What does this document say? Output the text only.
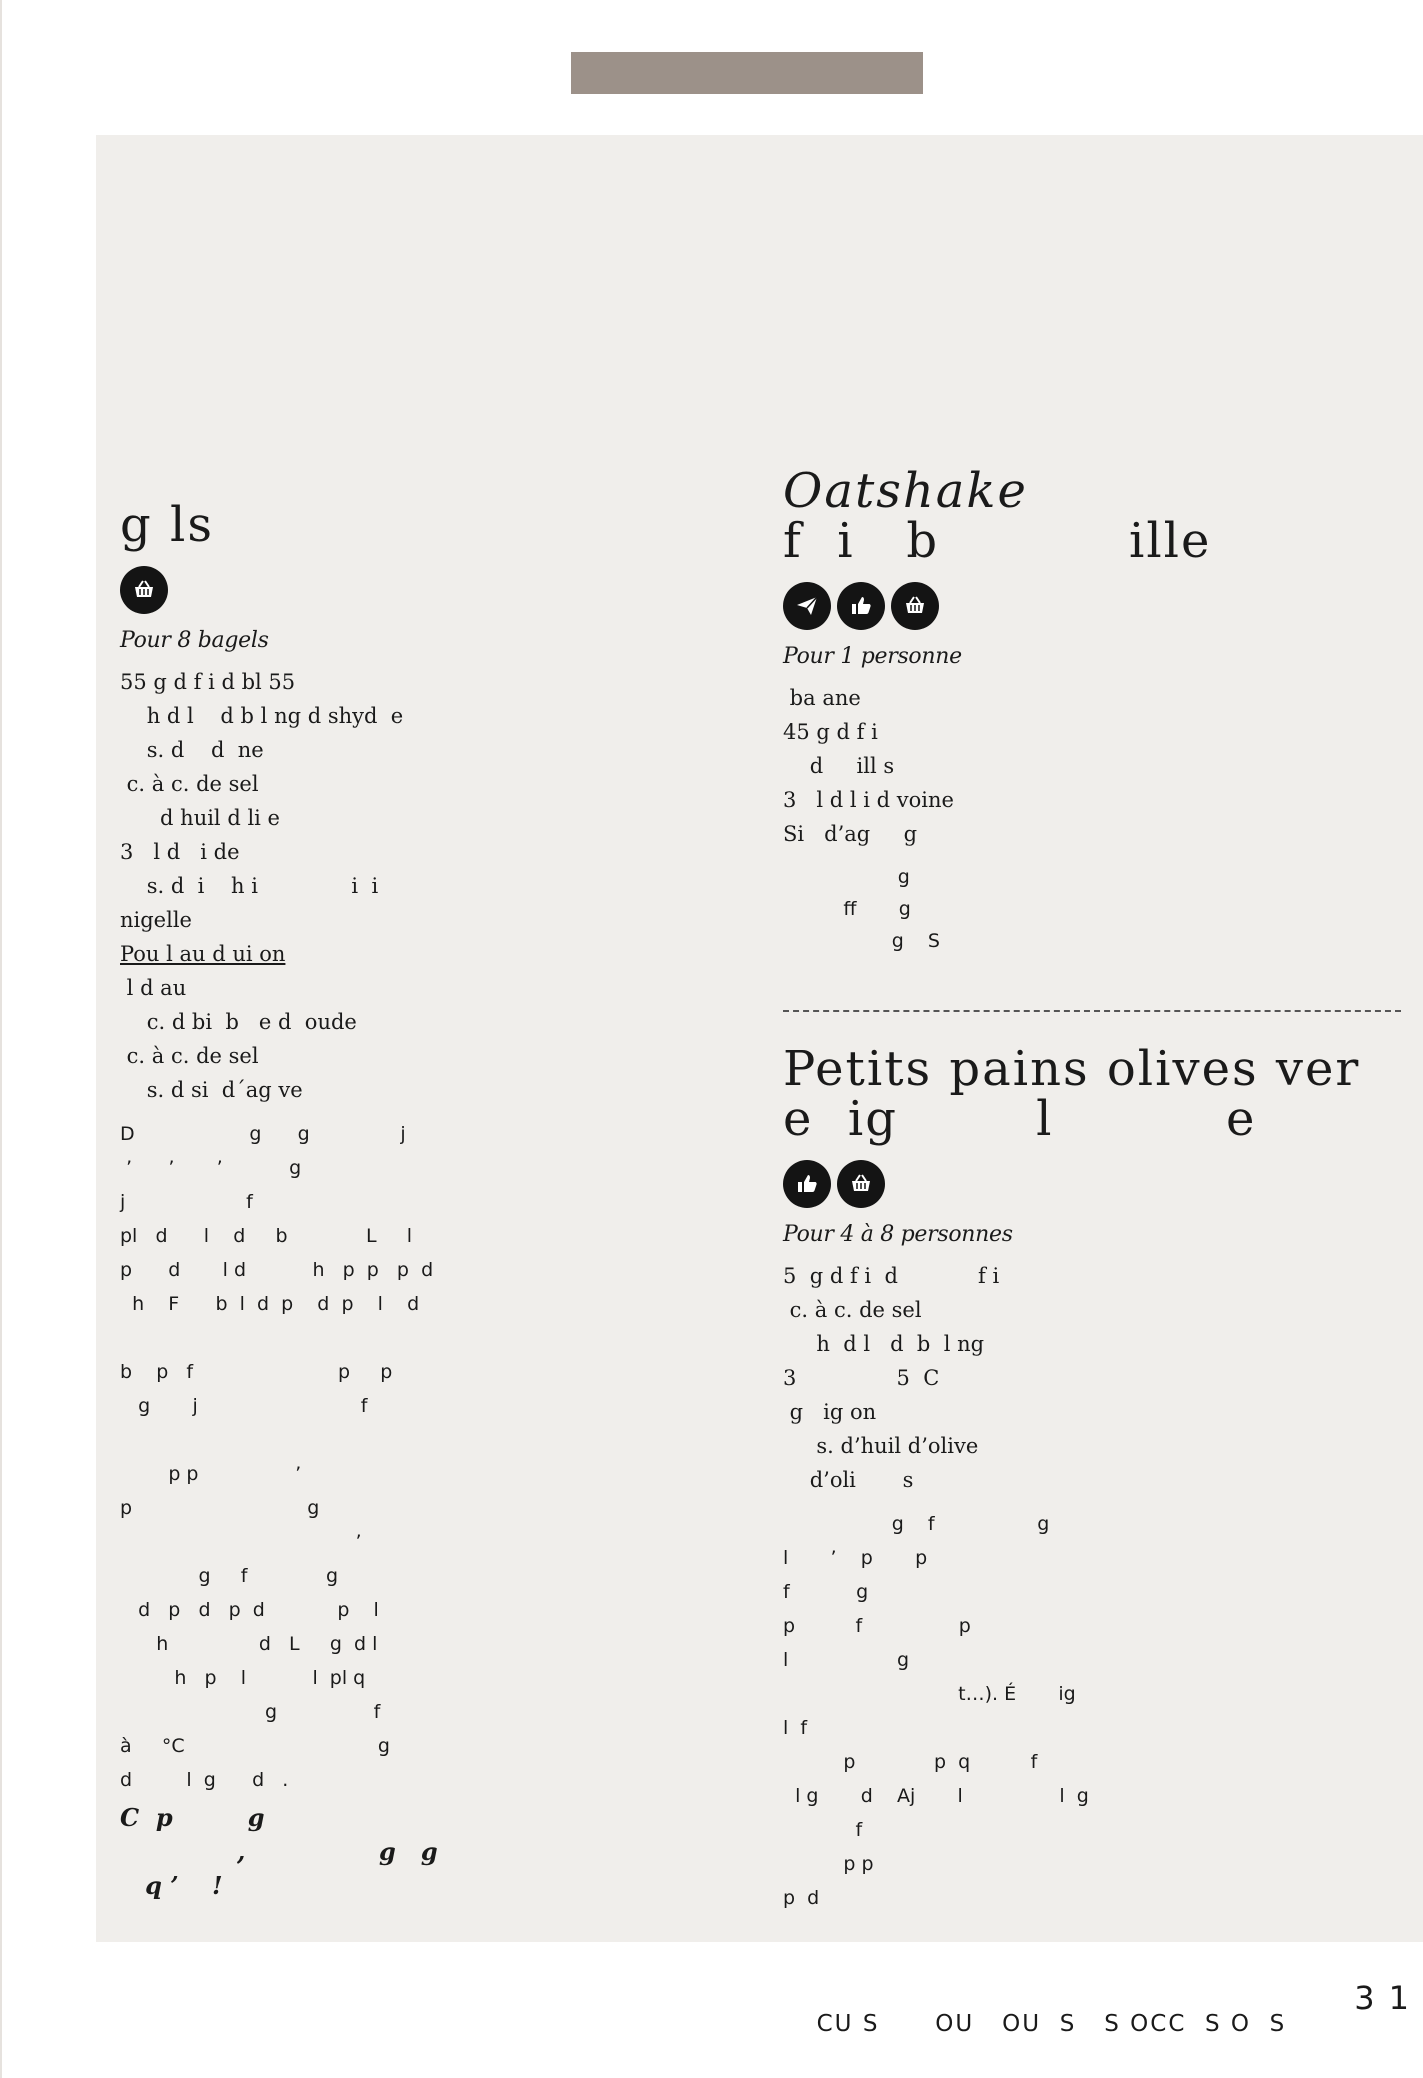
g ls

Pour 8 bagels

55 g d f i d bl 55
h d l    d b l ng d shyd  e
s. d    d  ne
c. à c. de sel
d huil d li e
3   l d   i de
s. d  i    h i              i  i
nigelle
Pou l au d ui on
l d au
c. d bi  b   e d  oude
c. à c. de sel
s. d si  d´ag ve

D                   g      g               j

’      ’       ’           g

j                    f

pl   d      l    d     b             L     l

p      d       l d           h   p  p   p  d

h    F      b  l  d  p    d  p    l    d

b    p   f                        p     p

g       j                           f

p p                ’

p                             g

’

g     f             g

d   p   d   p  d            p    l

h               d   L     g  d l

h   p    l           l  pl q

g                f

à     °C                                g

d         l  g      d   .

C  p         g

,                g   g

q ’    !

Oatshake
f  i   b           ille

Pour 1 personne

ba ane
45 g d f i
d     ill s
3   l d l i d voine
Si   d’ag     g

g

ff       g

g    S

Petits pains olives ver
e  ig        l          e

Pour 4 à 8 personnes

5  g d f i  d            f i
c. à c. de sel
h  d l   d  b  l ng
3               5  C
g   ig on
s. d’huil d’olive
d’oli       s

g    f                 g

l       ’    p       p

f           g

p          f                p

l                  g

t…). É       ig

l  f

p             p  q          f

l g       d    Aj       l                l  g

f

p p

p  d

CU S      OU   OU  S   S OCC  S O  S

31
